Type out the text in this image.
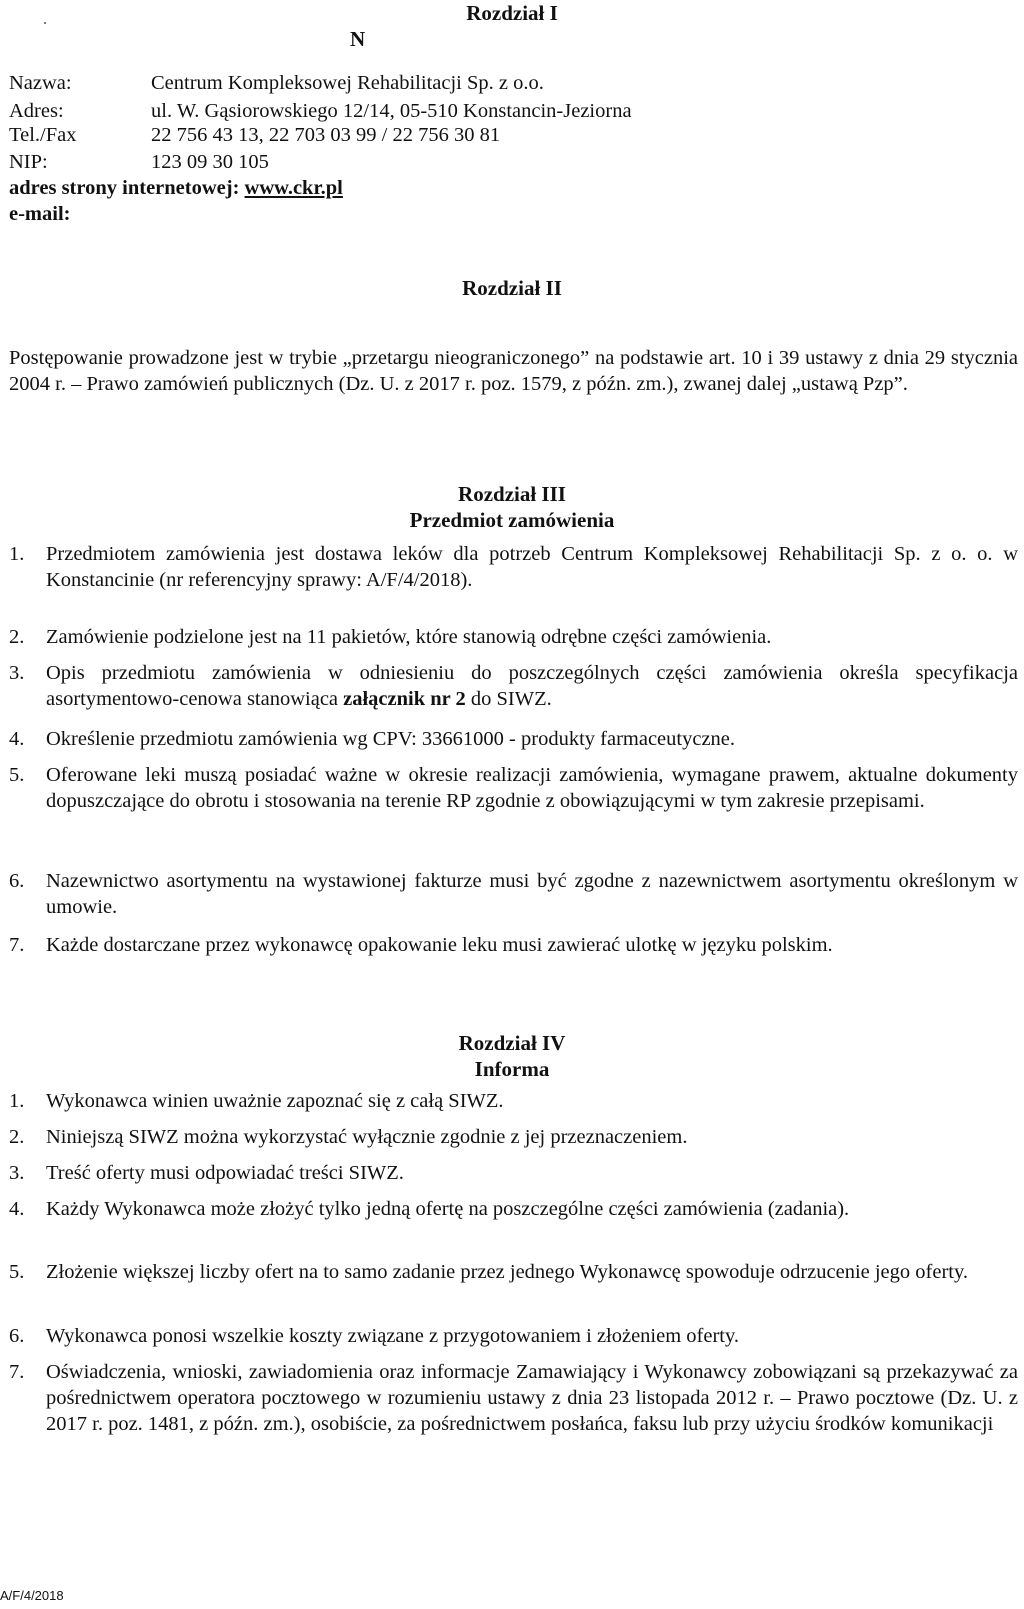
Rozdział I
N
Nazwa:	Centrum Kompleksowej Rehabilitacji Sp. z o.o.
Adres:	ul. W. Gąsiorowskiego 12/14, 05-510 Konstancin-Jeziorna
Tel./Fax	22 756 43 13, 22 703 03 99 / 22 756 30 81
NIP:	123 09 30 105
adres strony internetowej: www.ckr.pl
e-mail:
Rozdział II
Postępowanie prowadzone jest w trybie „przetargu nieograniczonego” na podstawie art. 10 i 39 ustawy z dnia 29 stycznia 2004 r. – Prawo zamówień publicznych (Dz. U. z 2017 r. poz. 1579, z późn. zm.), zwanej dalej „ustawą Pzp”.
Rozdział III
Przedmiot zamówienia
1. Przedmiotem zamówienia jest dostawa leków dla potrzeb Centrum Kompleksowej Rehabilitacji Sp. z o. o. w Konstancinie (nr referencyjny sprawy: A/F/4/2018).
2. Zamówienie podzielone jest na 11 pakietów, które stanowią odrębne części zamówienia.
3. Opis przedmiotu zamówienia w odniesieniu do poszczególnych części zamówienia określa specyfikacja asortymentowo-cenowa stanowiąca załącznik nr 2 do SIWZ.
4. Określenie przedmiotu zamówienia wg CPV: 33661000 - produkty farmaceutyczne.
5. Oferowane leki muszą posiadać ważne w okresie realizacji zamówienia, wymagane prawem, aktualne dokumenty dopuszczające do obrotu i stosowania na terenie RP zgodnie z obowiązującymi w tym zakresie przepisami.
6. Nazewnictwo asortymentu na wystawionej fakturze musi być zgodne z nazewnictwem asortymentu określonym w umowie.
7. Każde dostarczane przez wykonawcę opakowanie leku musi zawierać ulotkę w języku polskim.
Rozdział IV
Informa
1. Wykonawca winien uważnie zapoznać się z całą SIWZ.
2. Niniejszą SIWZ można wykorzystać wyłącznie zgodnie z jej przeznaczeniem.
3. Treść oferty musi odpowiadać treści SIWZ.
4. Każdy Wykonawca może złożyć tylko jedną ofertę na poszczególne części zamówienia (zadania).
5. Złożenie większej liczby ofert na to samo zadanie przez jednego Wykonawcę spowoduje odrzucenie jego oferty.
6. Wykonawca ponosi wszelkie koszty związane z przygotowaniem i złożeniem oferty.
7. Oświadczenia, wnioski, zawiadomienia oraz informacje Zamawiający i Wykonawcy zobowiązani są przekazywać za pośrednictwem operatora pocztowego w rozumieniu ustawy z dnia 23 listopada 2012 r. – Prawo pocztowe (Dz. U. z 2017 r. poz. 1481, z późn. zm.), osobiście, za pośrednictwem posłańca, faksu lub przy użyciu środków komunikacji
A/F/4/2018
